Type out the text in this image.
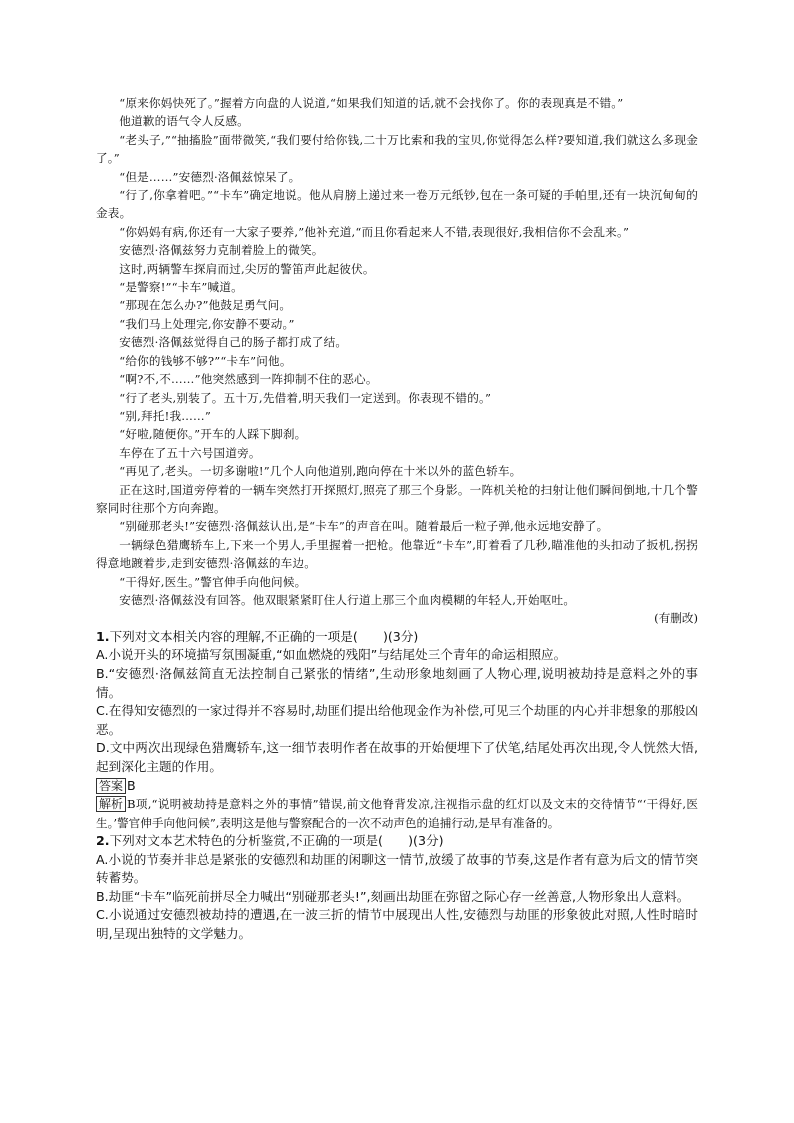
“原来你妈快死了。”握着方向盘的人说道,“如果我们知道的话,就不会找你了。你的表现真是不错。”

他道歉的语气令人反感。

“老头子,”“抽搐脸”面带微笑,“我们要付给你钱,二十万比索和我的宝贝,你觉得怎么样?要知道,我们就这么多现金了。”

“但是……”安德烈·洛佩兹惊呆了。

“行了,你拿着吧。”“卡车”确定地说。他从肩膀上递过来一卷万元纸钞,包在一条可疑的手帕里,还有一块沉甸甸的金表。

“你妈妈有病,你还有一大家子要养,”他补充道,“而且你看起来人不错,表现很好,我相信你不会乱来。”

安德烈·洛佩兹努力克制着脸上的微笑。

这时,两辆警车探肩而过,尖厉的警笛声此起彼伏。

“是警察!”“卡车”喊道。

“那现在怎么办?”他鼓足勇气问。

“我们马上处理完,你安静不要动。”

安德烈·洛佩兹觉得自己的肠子都打成了结。

“给你的钱够不够?”“卡车”问他。

“啊?不,不……”他突然感到一阵抑制不住的恶心。

“行了老头,别装了。五十万,先借着,明天我们一定送到。你表现不错的。”

“别,拜托!我……”

“好啦,随便你。”开车的人踩下脚刹。

车停在了五十六号国道旁。

“再见了,老头。一切多谢啦!”几个人向他道别,跑向停在十米以外的蓝色轿车。

正在这时,国道旁停着的一辆车突然打开探照灯,照亮了那三个身影。一阵机关枪的扫射让他们瞬间倒地,十几个警察同时往那个方向奔跑。

“别碰那老头!”安德烈·洛佩兹认出,是“卡车”的声音在叫。随着最后一粒子弹,他永远地安静了。

一辆绿色猎鹰轿车上,下来一个男人,手里握着一把枪。他靠近“卡车”,盯着看了几秒,瞄准他的头扣动了扳机,拐拐得意地踱着步,走到安德烈·洛佩兹的车边。

“干得好,医生。”警官伸手向他问候。

安德烈·洛佩兹没有回答。他双眼紧紧盯住人行道上那三个血肉模糊的年轻人,开始呕吐。

(有删改)

1.下列对文本相关内容的理解,不正确的一项是(　　)(3分)

A.小说开头的环境描写氛围凝重,“如血燃烧的残阳”与结尾处三个青年的命运相照应。

B.“安德烈·洛佩兹简直无法控制自己紧张的情绪”,生动形象地刻画了人物心理,说明被劫持是意料之外的事情。

C.在得知安德烈的一家过得并不容易时,劫匪们提出给他现金作为补偿,可见三个劫匪的内心并非想象的那般凶恶。

D.文中两次出现绿色猎鹰轿车,这一细节表明作者在故事的开始便埋下了伏笔,结尾处再次出现,令人恍然大悟,起到深化主题的作用。

答案 B

解析 B项,“说明被劫持是意料之外的事情”错误,前文他脊背发凉,注视指示盘的红灯以及文末的交待情节“‘干得好,医生。’警官伸手向他问候”,表明这是他与警察配合的一次不动声色的追捕行动,是早有准备的。

2.下列对文本艺术特色的分析鉴赏,不正确的一项是(　　)(3分)

A.小说的节奏并非总是紧张的安德烈和劫匪的闲聊这一情节,放缓了故事的节奏,这是作者有意为后文的情节突转蓄势。

B.劫匪“卡车”临死前拼尽全力喊出“别碰那老头!”,刻画出劫匪在弥留之际心存一丝善意,人物形象出人意料。

C.小说通过安德烈被劫持的遭遇,在一波三折的情节中展现出人性,安德烈与劫匪的形象彼此对照,人性时暗时明,呈现出独特的文学魅力。
